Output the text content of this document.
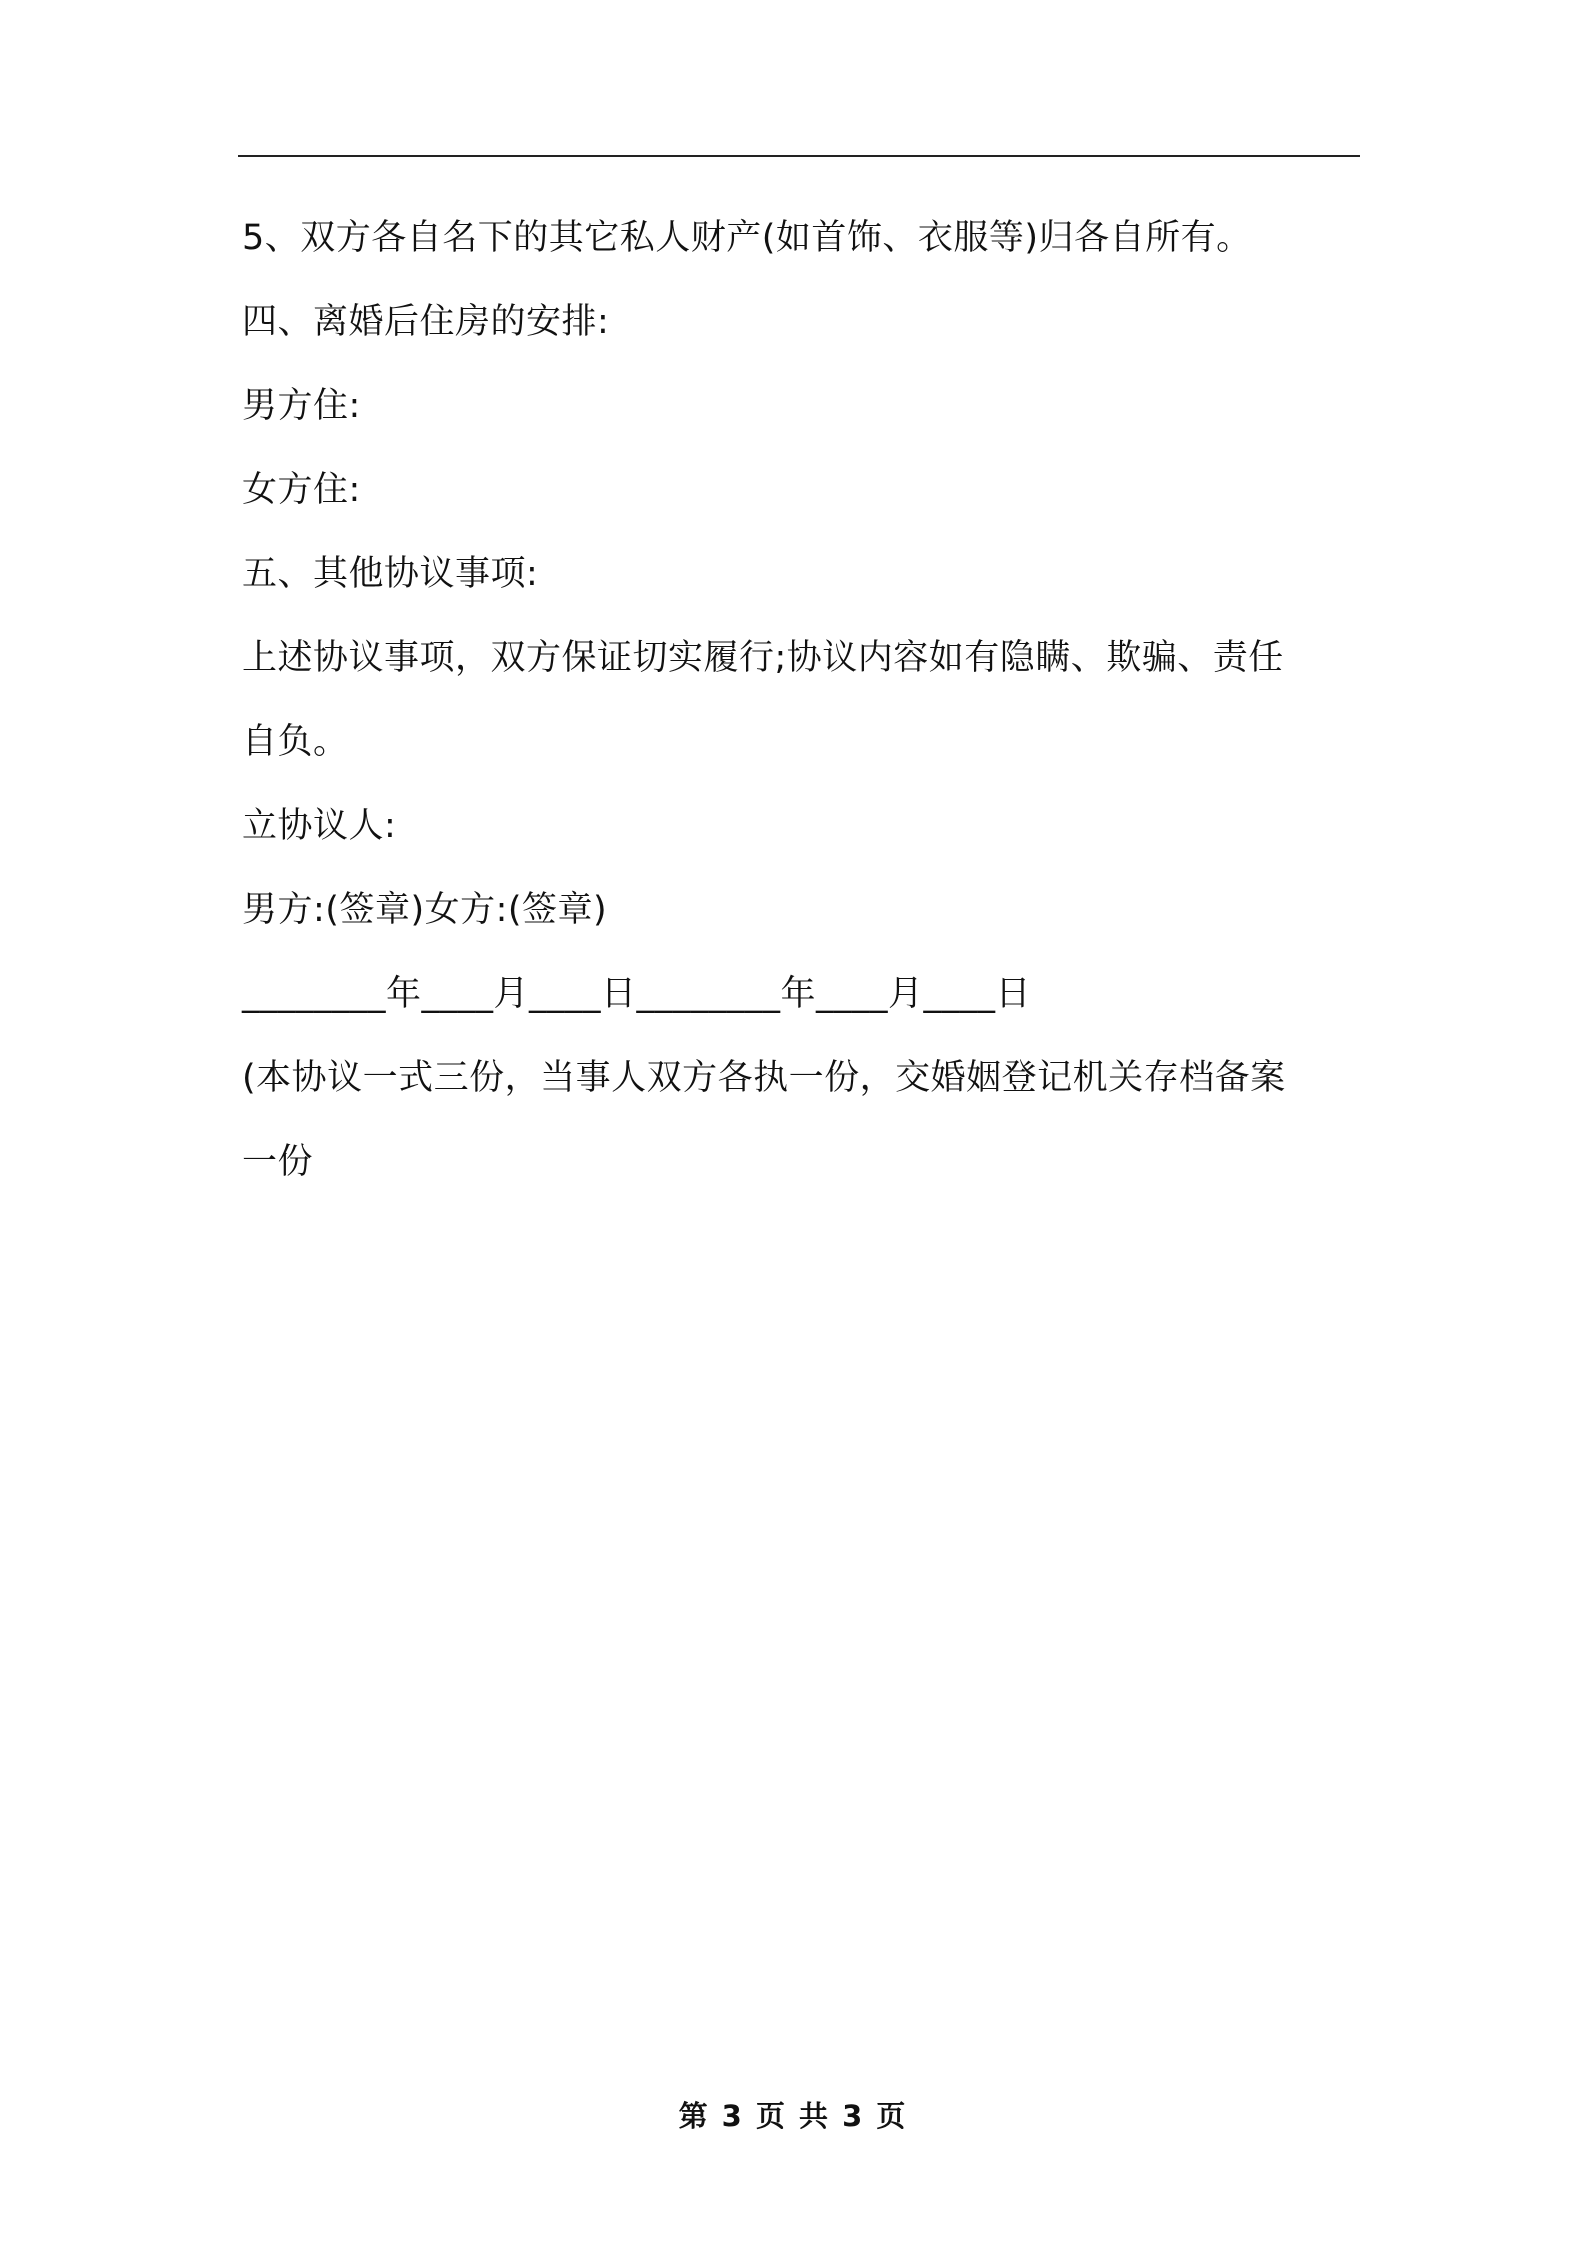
5、双方各自名下的其它私人财产(如首饰、衣服等)归各自所有。

四、离婚后住房的安排:

男方住:

女方住:

五、其他协议事项:

上述协议事项，双方保证切实履行;协议内容如有隐瞒、欺骗、责任

自负。

立协议人:

男方:(签章)女方:(签章)

________年____月____日________年____月____日

(本协议一式三份，当事人双方各执一份，交婚姻登记机关存档备案

一份

第 3 页 共 3 页
